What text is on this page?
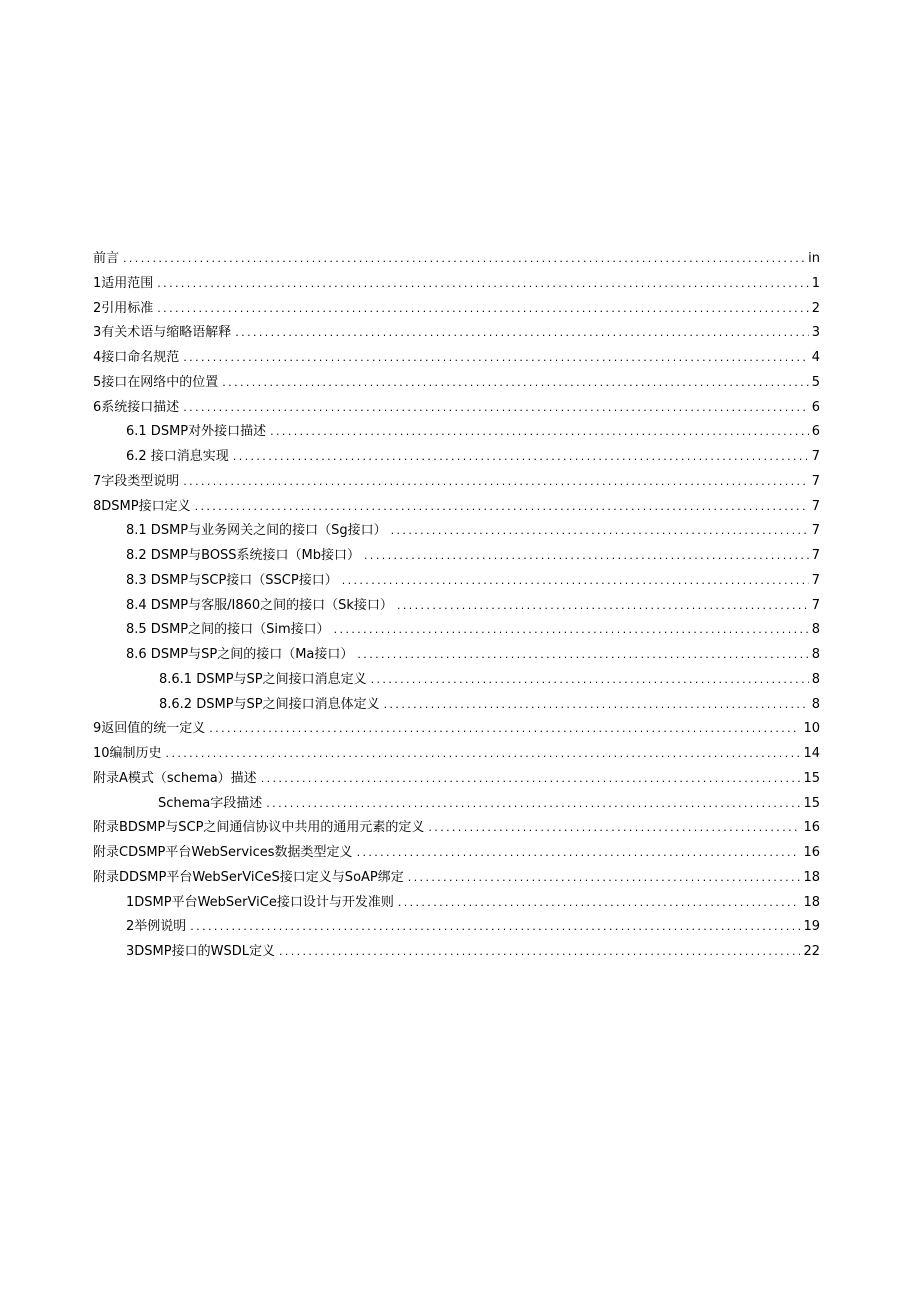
前言 .....	in
1适用范围 .....	1
2引用标准 .....	2
3有关术语与缩略语解释 .....	3
4接口命名规范 .....	4
5接口在网络中的位置 .....	5
6系统接口描述 .....	6
6.1 DSMP对外接口描述 .....	6
6.2 接口消息实现 .....	7
7字段类型说明 .....	7
8DSMP接口定义 .....	7
8.1 DSMP与业务网关之间的接口（Sg接口） .....	7
8.2 DSMP与BOSS系统接口（Mb接口） .....	7
8.3 DSMP与SCP接口（SSCP接口） .....	7
8.4 DSMP与客服/I860之间的接口（Sk接口） .....	7
8.5 DSMP之间的接口（Sim接口） .....	8
8.6 DSMP与SP之间的接口（Ma接口） .....	8
8.6.1 DSMP与SP之间接口消息定义 .....	8
8.6.2 DSMP与SP之间接口消息体定义 .....	8
9返回值的统一定义 .....	10
10编制历史 .....	14
附录A模式（schema）描述 .....	15
Schema字段描述 .....	15
附录BDSMP与SCP之间通信协议中共用的通用元素的定义 .....	16
附录CDSMP平台WebServices数据类型定义 .....	16
附录DDSMP平台WebSerViCeS接口定义与SoAP绑定 .....	18
1DSMP平台WebSerViCe接口设计与开发准则 .....	18
2举例说明 .....	19
3DSMP接口的WSDL定义 .....	22
